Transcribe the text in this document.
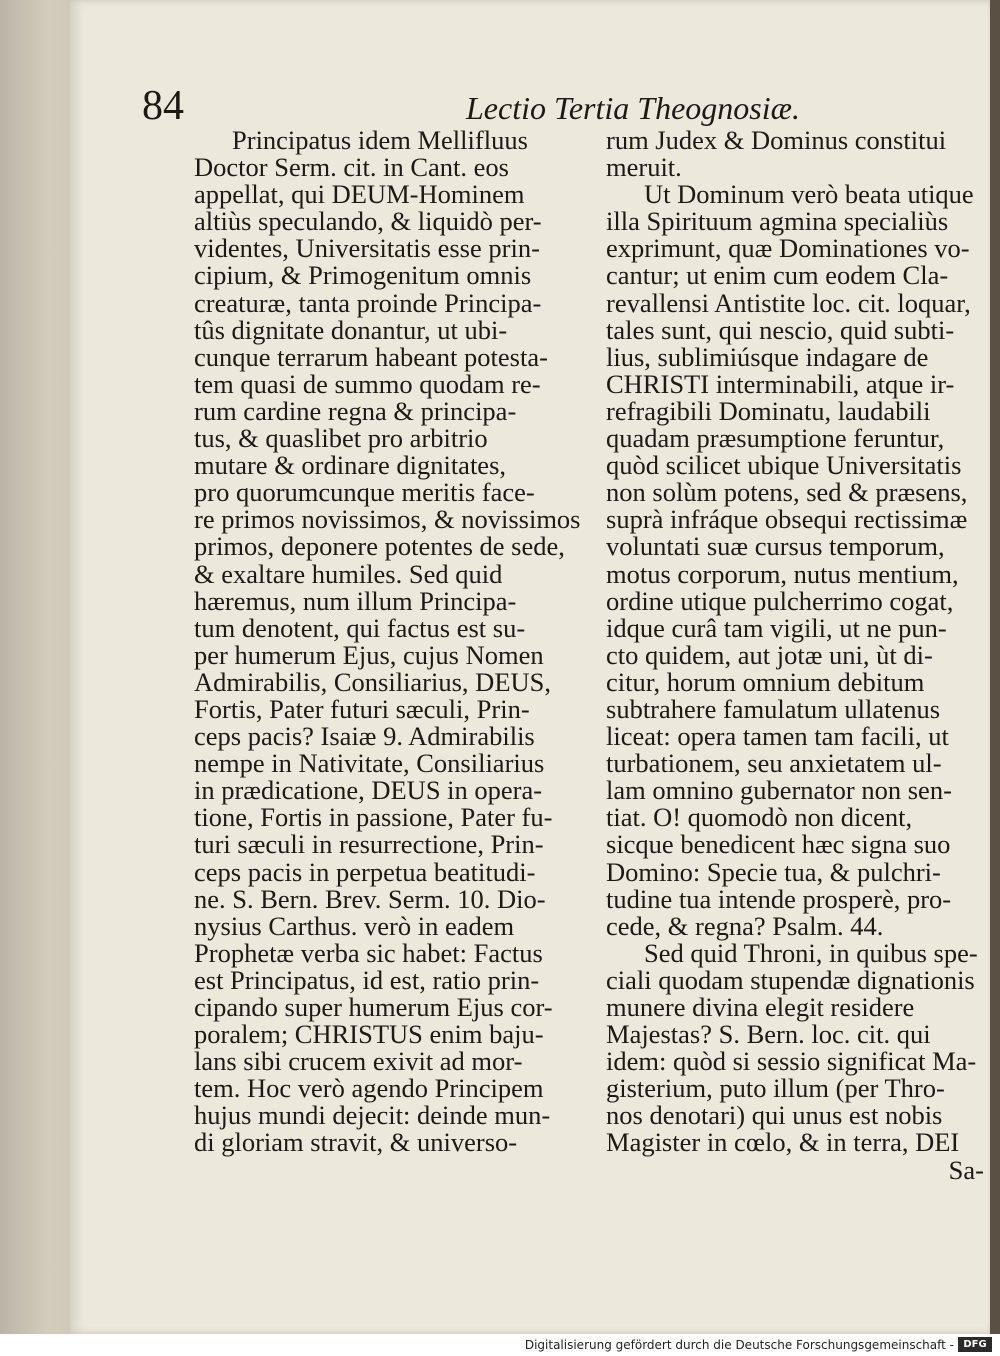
84	Lectio Tertia Theognosiæ.
Principatus idem Mellifluus
Doctor Serm. cit. in Cant. eos
appellat, qui DEUM-Hominem
altiùs speculando, & liquidò per-
videntes, Universitatis esse prin-
cipium, & Primogenitum omnis
creaturæ, tanta proinde Principa-
tûs dignitate donantur, ut ubi-
cunque terrarum habeant potesta-
tem quasi de summo quodam re-
rum cardine regna & principa-
tus, & quaslibet pro arbitrio
mutare & ordinare dignitates,
pro quorumcunque meritis face-
re primos novissimos, & novissimos
primos, deponere potentes de sede,
& exaltare humiles. Sed quid
hæremus, num illum Principa-
tum denotent, qui factus est su-
per humerum Ejus, cujus Nomen
Admirabilis, Consiliarius, DEUS,
Fortis, Pater futuri sæculi, Prin-
ceps pacis? Isaiæ 9. Admirabilis
nempe in Nativitate, Consiliarius
in prædicatione, DEUS in opera-
tione, Fortis in passione, Pater fu-
turi sæculi in resurrectione, Prin-
ceps pacis in perpetua beatitudi-
ne. S. Bern. Brev. Serm. 10. Dio-
nysius Carthus. verò in eadem
Prophetæ verba sic habet: Factus
est Principatus, id est, ratio prin-
cipando super humerum Ejus cor-
poralem; CHRISTUS enim baju-
lans sibi crucem exivit ad mor-
tem. Hoc verò agendo Principem
hujus mundi dejecit: deinde mun-
di gloriam stravit, & universo-
rum Judex & Dominus constitui
meruit.
Ut Dominum verò beata utique
illa Spirituum agmina specialiùs
exprimunt, quæ Dominationes vo-
cantur; ut enim cum eodem Cla-
revallensi Antistite loc. cit. loquar,
tales sunt, qui nescio, quid subti-
lius, sublimiúsque indagare de
CHRISTI interminabili, atque ir-
refragibili Dominatu, laudabili
quadam præsumptione feruntur,
quòd scilicet ubique Universitatis
non solùm potens, sed & præsens,
suprà infráque obsequi rectissimæ
voluntati suæ cursus temporum,
motus corporum, nutus mentium,
ordine utique pulcherrimo cogat,
idque curâ tam vigili, ut ne pun-
cto quidem, aut jotæ uni, ùt di-
citur, horum omnium debitum
subtrahere famulatum ullatenus
liceat: opera tamen tam facili, ut
turbationem, seu anxietatem ul-
lam omnino gubernator non sen-
tiat. O! quomodò non dicent,
sicque benedicent hæc signa suo
Domino: Specie tua, & pulchri-
tudine tua intende prosperè, pro-
cede, & regna? Psalm. 44.
Sed quid Throni, in quibus spe-
ciali quodam stupendæ dignationis
munere divina elegit residere
Majestas? S. Bern. loc. cit. qui
idem: quòd si sessio significat Ma-
gisterium, puto illum (per Thro-
nos denotari) qui unus est nobis
Magister in cœlo, & in terra, DEI
Sa-
Digitalisierung gefördert durch die Deutsche Forschungsgemeinschaft - DFG
